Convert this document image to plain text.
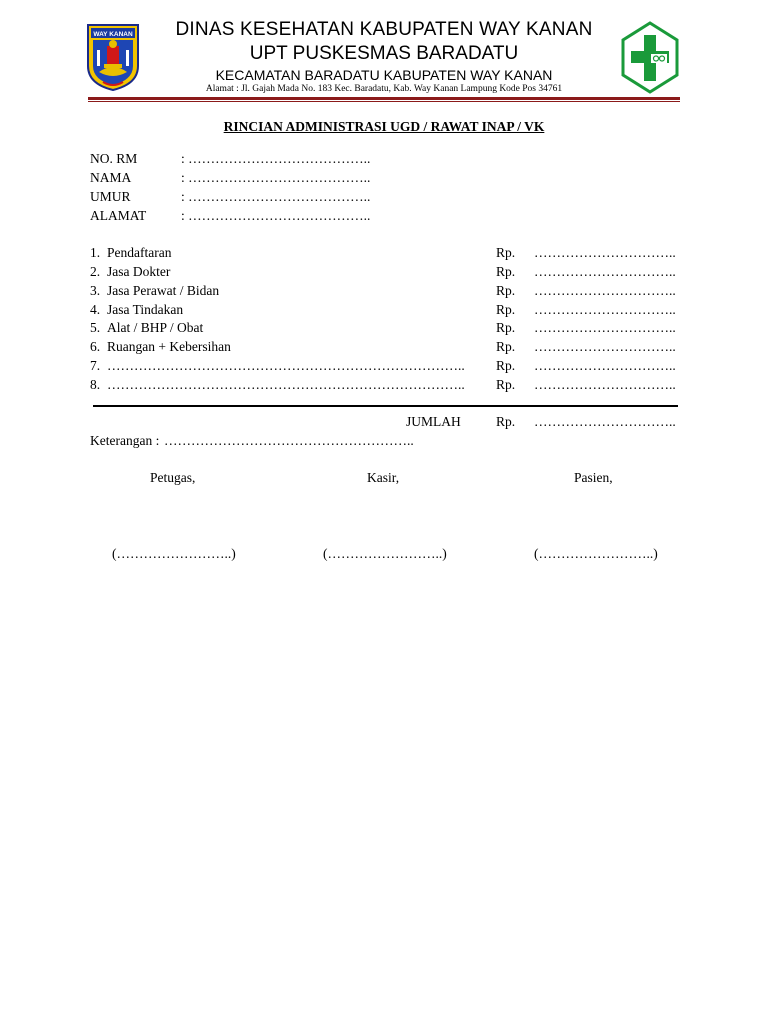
WAY KANAN	DINAS KESEHATAN KABUPATEN WAY KANAN
UPT PUSKESMAS BARADATU
KECAMATAN BARADATU KABUPATEN WAY KANAN
Alamat : Jl. Gajah Mada No. 183 Kec. Baradatu, Kab. Way Kanan Lampung Kode Pos 34761
RINCIAN ADMINISTRASI UGD / RAWAT INAP / VK
NO. RM	: …………………………………..
NAMA	: …………………………………..
UMUR	: …………………………………..
ALAMAT	: …………………………………..
1. Pendaftaran	Rp. …………………………..
2. Jasa Dokter	Rp. …………………………..
3. Jasa Perawat / Bidan	Rp. …………………………..
4. Jasa Tindakan	Rp. …………………………..
5. Alat / BHP / Obat	Rp. …………………………..
6. Ruangan + Kebersihan	Rp. …………………………..
7. …………………………………………………………………….. Rp. …………………………..
8. …………………………………………………………………….. Rp. …………………………..
JUMLAH	Rp. …………………………..
Keterangan : ………………………………………………..
Petugas,	Kasir,	Pasien,
(……………………..)	(……………………..)	(……………………..)
